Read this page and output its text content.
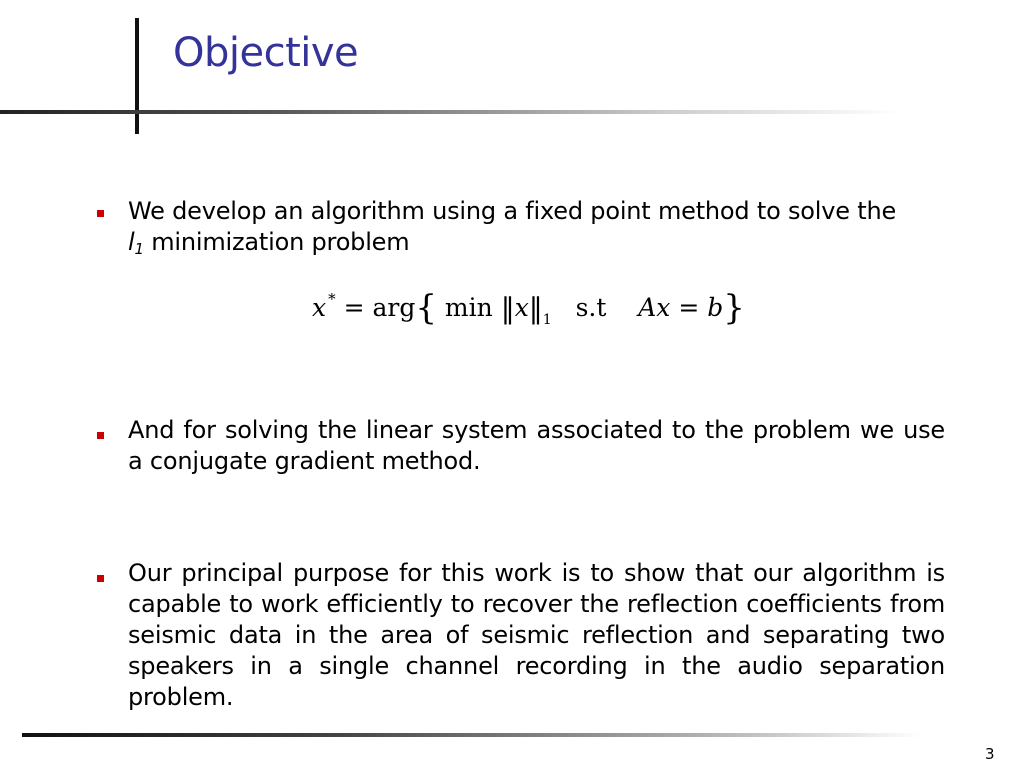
Objective
We develop an algorithm using a fixed point method to solve the
$l_1$ minimization problem
x * = arg{ $\min ‖x‖_1$ s.t Ax = b}
And for solving the linear system associated to the problem we use a conjugate gradient method.
Our principal purpose for this work is to show that our algorithm is capable to work efficiently to recover the reflection coefficients from seismic data in the area of seismic reflection and separating two speakers in a single channel recording in the audio separation problem.
3
